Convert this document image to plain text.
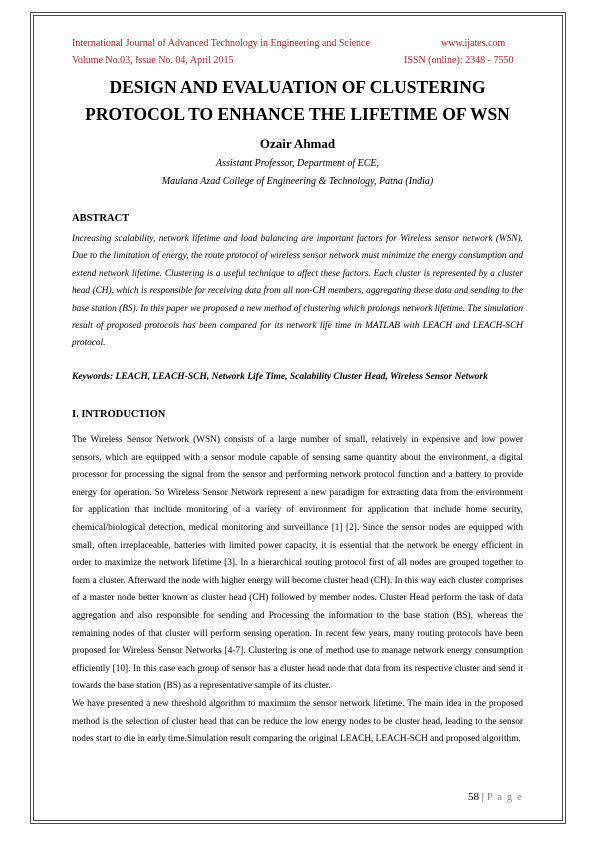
International Journal of Advanced Technology in Engineering and Science	www.ijates.com
Volume No.03, Issue No. 04, April 2015	ISSN (online): 2348 - 7550
DESIGN AND EVALUATION OF CLUSTERING PROTOCOL TO ENHANCE THE LIFETIME OF WSN

Ozair Ahmad

Assistant Professor, Department of ECE,

Maulana Azad College of Engineering & Technology, Patna (India)

ABSTRACT

Increasing scalability, network lifetime and load balancing are important factors for Wireless sensor network (WSN). Due to the limitation of energy, the route protocol of wireless sensor network must minimize the energy consumption and extend network lifetime. Clustering is a useful technique to affect these factors. Each cluster is represented by a cluster head (CH), which is responsible for receiving data from all non-CH members, aggregating these data and sending to the base station (BS). In this paper we proposed a new method of clustering which prolongs network lifetime. The simulation result of proposed protocols has been compared for its network life time in MATLAB with LEACH and LEACH-SCH protocol.

Keywords: LEACH, LEACH-SCH, Network Life Time, Scalability Cluster Head, Wireless Sensor Network

I. INTRODUCTION

The Wireless Sensor Network (WSN) consists of a large number of small, relatively in expensive and low power sensors, which are equipped with a sensor module capable of sensing same quantity about the environment, a digital processor for processing the signal from the sensor and performing network protocol function and a battery to provide energy for operation. So Wireless Sensor Network represent a new paradigm for extracting data from the environment for application that include monitoring of a variety of environment for application that include home security, chemical/biological detection, medical monitoring and surveillance [1] [2]. Since the sensor nodes are equipped with small, often irreplaceable, batteries with limited power capacity, it is essential that the network be energy efficient in order to maximize the network lifetime [3]. In a hierarchical routing protocol first of all nodes are grouped together to form a cluster. Afterward the node with higher energy will become cluster head (CH). In this way each cluster comprises of a master node better known as cluster head (CH) followed by member nodes. Cluster Head perform the task of data aggregation and also responsible for sending and Processing the information to the base station (BS), whereas the remaining nodes of that cluster will perform sensing operation. In recent few years, many routing protocols have been proposed for Wireless Sensor Networks [4-7]. Clustering is one of method use to manage network energy consumption efficiently [10]. In this case each group of sensor has a cluster head node that data from its respective cluster and send it towards the base station (BS) as a representative sample of its cluster.

We have presented a new threshold algorithm to maximum the sensor network lifetime. The main idea in the proposed method is the selection of cluster head that can be reduce the low energy nodes to be cluster head, leading to the sensor nodes start to die in early time.Simulation result comparing the original LEACH, LEACH-SCH and proposed algorithm.

58 | P a g e
